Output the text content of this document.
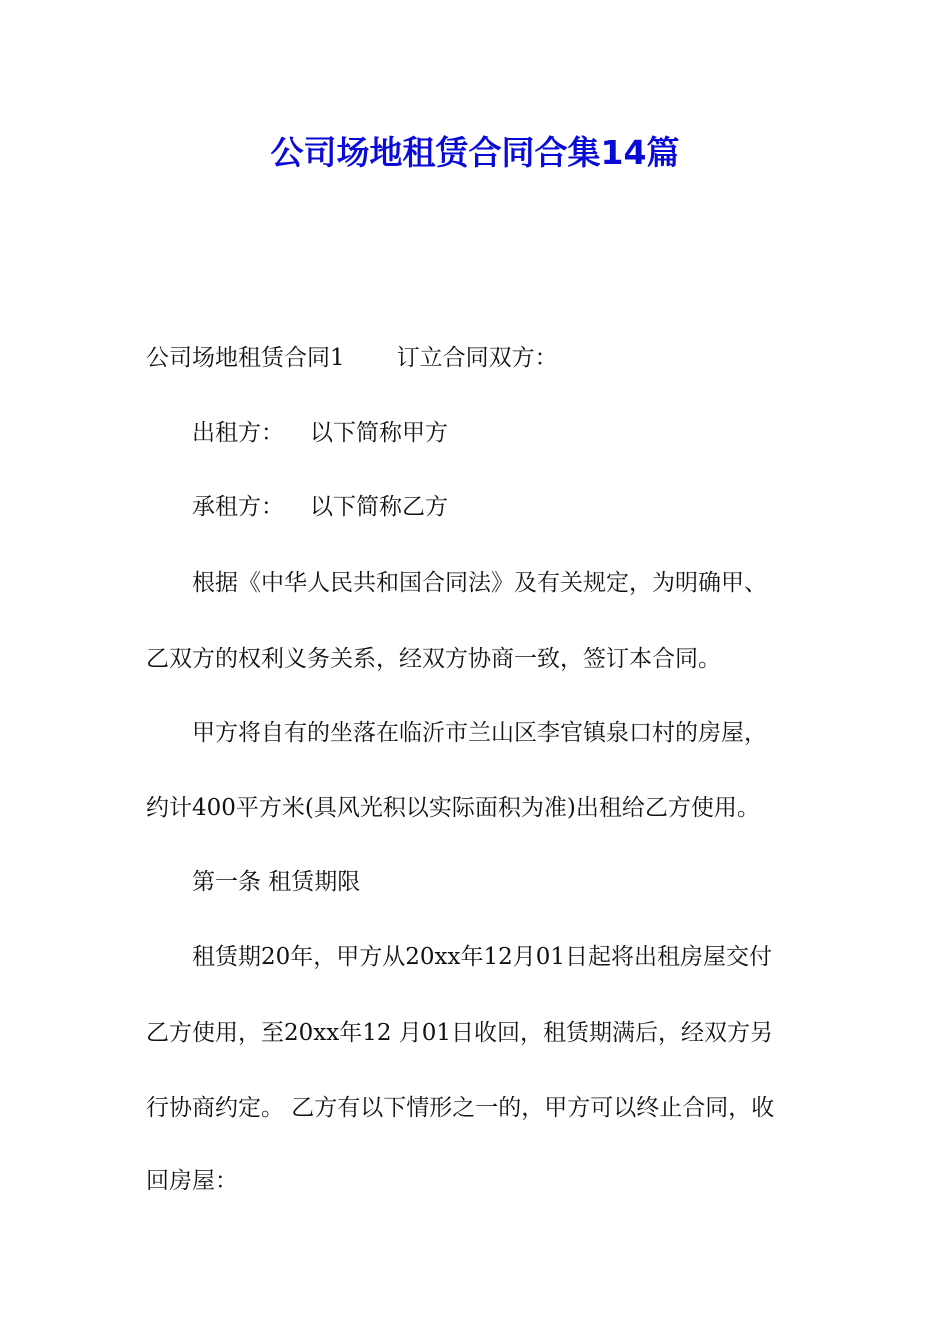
公司场地租赁合同合集14篇
公司场地租赁合同1 订立合同双方：
出租方： 以下简称甲方
承租方： 以下简称乙方
根据《中华人民共和国合同法》及有关规定，为明确甲、
乙双方的权利义务关系，经双方协商一致，签订本合同。
甲方将自有的坐落在临沂市兰山区李官镇泉口村的房屋，
约计400平方米(具风光积以实际面积为准)出租给乙方使用。
第一条 租赁期限
租赁期20年，甲方从20xx年12月01日起将出租房屋交付
乙方使用，至20xx年12 月01日收回，租赁期满后，经双方另
行协商约定。 乙方有以下情形之一的，甲方可以终止合同，收
回房屋：
